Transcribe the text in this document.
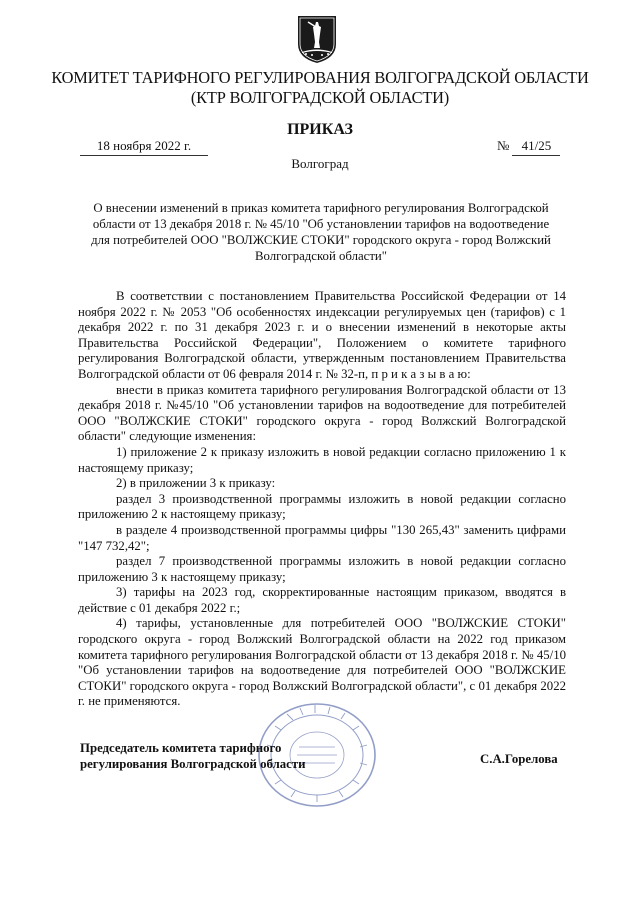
КОМИТЕТ ТАРИФНОГО РЕГУЛИРОВАНИЯ ВОЛГОГРАДСКОЙ ОБЛАСТИ
(КТР ВОЛГОГРАДСКОЙ ОБЛАСТИ)
ПРИКАЗ
18 ноября 2022 г.	№ 41/25
Волгоград
О внесении изменений в приказ комитета тарифного регулирования Волгоградской области от 13 декабря 2018 г. № 45/10 "Об установлении тарифов на водоотведение для потребителей ООО "ВОЛЖСКИЕ СТОКИ" городского округа - город Волжский Волгоградской области"

В соответствии с постановлением Правительства Российской Федерации от 14 ноября 2022 г. № 2053 "Об особенностях индексации регулируемых цен (тарифов) с 1 декабря 2022 г. по 31 декабря 2023 г. и о внесении изменений в некоторые акты Правительства Российской Федерации", Положением о комитете тарифного регулирования Волгоградской области, утвержденным постановлением Правительства Волгоградской области от 06 февраля 2014 г. № 32-п, п р и к а з ы в а ю:

внести в приказ комитета тарифного регулирования Волгоградской области от 13 декабря 2018 г. №45/10 "Об установлении тарифов на водоотведение для потребителей ООО "ВОЛЖСКИЕ СТОКИ" городского округа - город Волжский Волгоградской области" следующие изменения:

1) приложение 2 к приказу изложить в новой редакции согласно приложению 1 к настоящему приказу;

2) в приложении 3 к приказу:

раздел 3 производственной программы изложить в новой редакции согласно приложению 2 к настоящему приказу;

в разделе 4 производственной программы цифры "130 265,43" заменить цифрами "147 732,42";

раздел 7 производственной программы изложить в новой редакции согласно приложению 3 к настоящему приказу;

3) тарифы на 2023 год, скорректированные настоящим приказом, вводятся в действие с 01 декабря 2022 г.;

4) тарифы, установленные для потребителей ООО "ВОЛЖСКИЕ СТОКИ" городского округа - город Волжский Волгоградской области на 2022 год приказом комитета тарифного регулирования Волгоградской области от 13 декабря 2018 г. № 45/10 "Об установлении тарифов на водоотведение для потребителей ООО "ВОЛЖСКИЕ СТОКИ" городского округа - город Волжский Волгоградской области", с 01 декабря 2022 г. не применяются.

Председатель комитета тарифного
регулирования Волгоградской области	С.А.Горелова
